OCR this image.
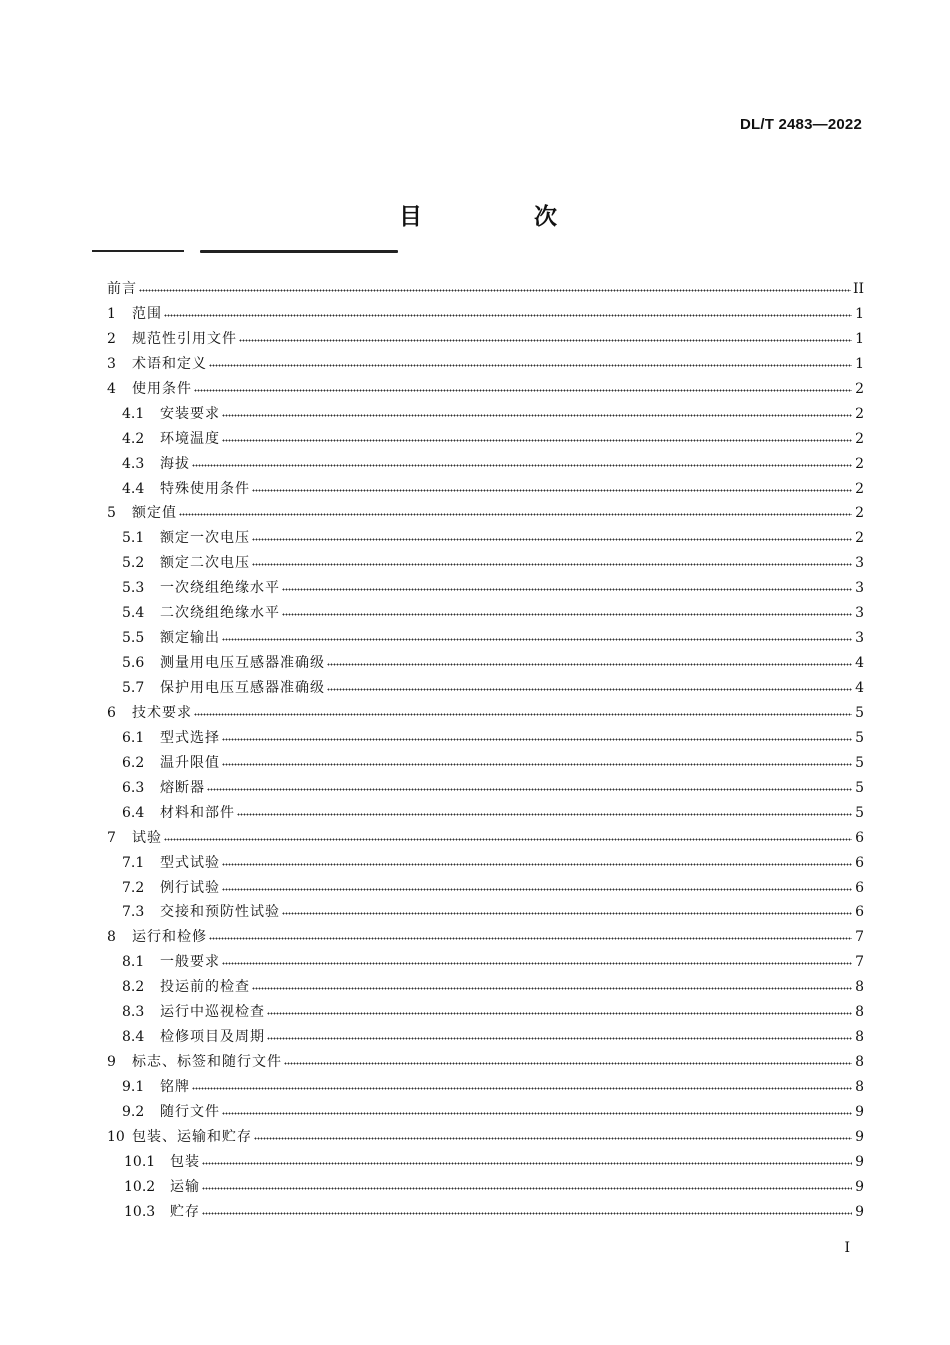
DL/T 2483—2022
目 次
前言	II
1	范围	1
2	规范性引用文件	1
3	术语和定义	1
4	使用条件	2
4.1	安装要求	2
4.2	环境温度	2
4.3	海拔	2
4.4	特殊使用条件	2
5	额定值	2
5.1	额定一次电压	2
5.2	额定二次电压	3
5.3	一次绕组绝缘水平	3
5.4	二次绕组绝缘水平	3
5.5	额定输出	3
5.6	测量用电压互感器准确级	4
5.7	保护用电压互感器准确级	4
6	技术要求	5
6.1	型式选择	5
6.2	温升限值	5
6.3	熔断器	5
6.4	材料和部件	5
7	试验	6
7.1	型式试验	6
7.2	例行试验	6
7.3	交接和预防性试验	6
8	运行和检修	7
8.1	一般要求	7
8.2	投运前的检查	8
8.3	运行中巡视检查	8
8.4	检修项目及周期	8
9	标志、标签和随行文件	8
9.1	铭牌	8
9.2	随行文件	9
10 包装、运输和贮存	9
10.1	包装	9
10.2	运输	9
10.3	贮存	9
I
